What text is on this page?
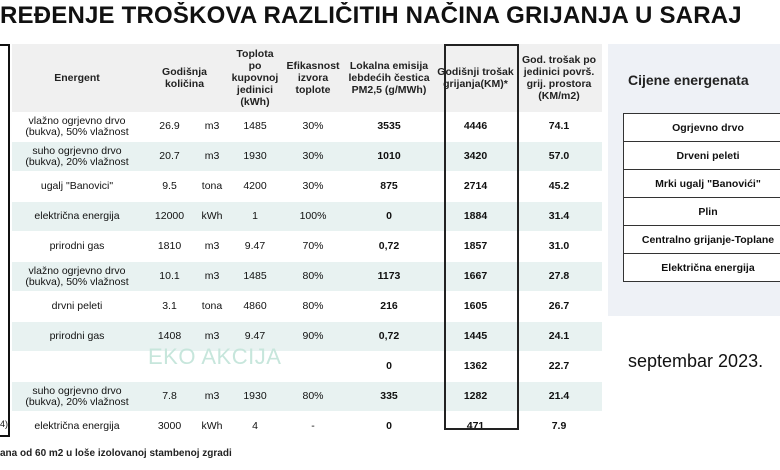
REĐENJE TROŠKOVA RAZLIČITIH NAČINA GRIJANJA U SARAJ
4)
Energent	Godišnja količina		Toplota po kupovnoj jedinici (kWh)	Efikasnost izvora toplote	Lokalna emisija lebdećih čestica PM2,5 (g/MWh)	Godišnji trošak grijanja(KM)*	God. trošak po jedinici površ. grij. prostora (KM/m2)
vlažno ogrjevno drvo (bukva), 50% vlažnost	26.9	m3	1485	30%	3535	4446	74.1
suho ogrjevno drvo (bukva), 20% vlažnost	20.7	m3	1930	30%	1010	3420	57.0
ugalj "Banovici"	9.5	tona	4200	30%	875	2714	45.2
električna energija	12000	kWh	1	100%	0	1884	31.4
prirodni gas	1810	m3	9.47	70%	0,72	1857	31.0
vlažno ogrjevno drvo (bukva), 50% vlažnost	10.1	m3	1485	80%	1173	1667	27.8
drvni peleti	3.1	tona	4860	80%	216	1605	26.7
prirodni gas	1408	m3	9.47	90%	0,72	1445	24.1
					0	1362	22.7
suho ogrjevno drvo (bukva), 20% vlažnost	7.8	m3	1930	80%	335	1282	21.4
električna energija	3000	kWh	4	-	0	471	7.9
EKO AKCIJA
Cijene energenata
Ogrjevno drvo
Drveni peleti
Mrki ugalj "Banovići"
Plin
Centralno grijanje-Toplane
Električna energija
septembar 2023.
ana od 60 m2 u loše izolovanoj stambenoj zgradi
